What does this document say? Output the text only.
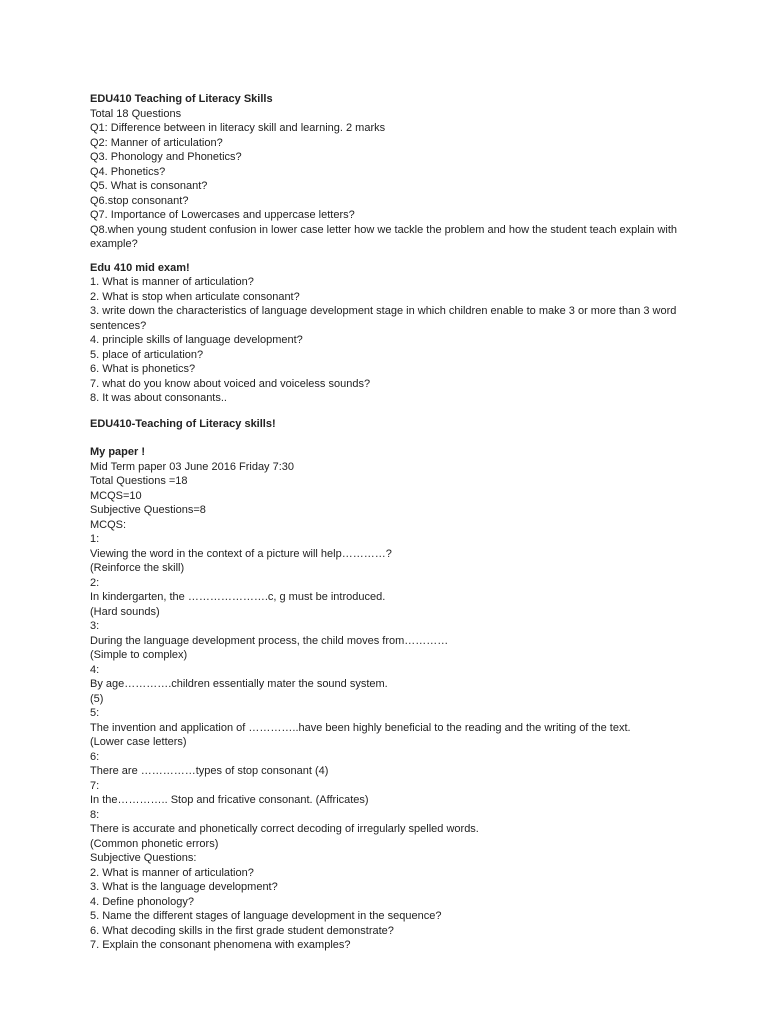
EDU410 Teaching of Literacy Skills
Total 18 Questions
Q1: Difference between in literacy skill and learning. 2 marks
Q2: Manner of articulation?
Q3. Phonology and Phonetics?
Q4. Phonetics?
Q5. What is consonant?
Q6.stop consonant?
Q7. Importance of Lowercases and uppercase letters?
Q8.when young student confusion in lower case letter how we tackle the problem and how the student teach explain with example?
Edu 410 mid exam!
1. What is manner of articulation?
2. What is stop when articulate consonant?
3. write down the characteristics of language development stage in which children enable to make 3 or more than 3 word sentences?
4. principle skills of language development?
5. place of articulation?
6. What is phonetics?
7. what do you know about voiced and voiceless sounds?
8. It was about consonants..
EDU410-Teaching of Literacy skills!
My paper !
Mid Term paper 03 June 2016 Friday 7:30
Total Questions =18
MCQS=10
Subjective Questions=8
MCQS:
1:
Viewing the word in the context of a picture will help…………?
(Reinforce the skill)
2:
In kindergarten, the ………………….c, g must be introduced.
(Hard sounds)
3:
During the language development process, the child moves from…………
(Simple to complex)
4:
By age………….children essentially mater the sound system.
(5)
5:
The invention and application of …………..have been highly beneficial to the reading and the writing of the text.
(Lower case letters)
6:
There are ……………types of stop consonant (4)
7:
In the………….. Stop and fricative consonant. (Affricates)
8:
There is accurate and phonetically correct decoding of irregularly spelled words.
(Common phonetic errors)
Subjective Questions:
2. What is manner of articulation?
3. What is the language development?
4. Define phonology?
5. Name the different stages of language development in the sequence?
6. What decoding skills in the first grade student demonstrate?
7. Explain the consonant phenomena with examples?
